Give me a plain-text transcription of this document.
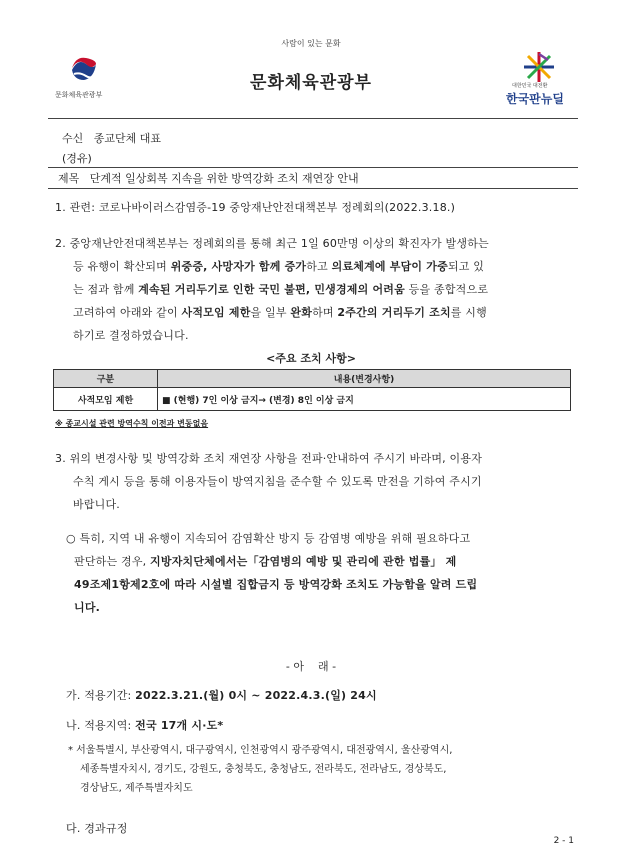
사람이 있는 문화
문화체육관광부
문화체육관광부	대한민국 대전환
한국판뉴딜
수신 종교단체 대표
(경유)
제목 단계적 일상회복 지속을 위한 방역강화 조치 재연장 안내
1. 관련: 코로나바이러스감염증-19 중앙재난안전대책본부 정례회의(2022.3.18.)
2. 중앙재난안전대책본부는 정례회의를 통해 최근 1일 60만명 이상의 확진자가 발생하는
등 유행이 확산되며 위중증, 사망자가 함께 증가하고 의료체계에 부담이 가중되고 있
는 점과 함께 계속된 거리두기로 인한 국민 불편, 민생경제의 어려움 등을 종합적으로
고려하여 아래와 같이 사적모임 제한을 일부 완화하며 2주간의 거리두기 조치를 시행
하기로 결정하였습니다.
<주요 조치 사항>
구분	내용(변경사항)
사적모임 제한	■ (현행) 7인 이상 금지→ (변경) 8인 이상 금지
※ 종교시설 관련 방역수칙 이전과 변동없음
3. 위의 변경사항 및 방역강화 조치 재연장 사항을 전파·안내하여 주시기 바라며, 이용자
수칙 게시 등을 통해 이용자들이 방역지침을 준수할 수 있도록 만전을 기하여 주시기
바랍니다.
○ 특히, 지역 내 유행이 지속되어 감염확산 방지 등 감염병 예방을 위해 필요하다고
판단하는 경우, 지방자치단체에서는「감염병의 예방 및 관리에 관한 법률」 제
49조제1항제2호에 따라 시설별 집합금지 등 방역강화 조치도 가능함을 알려 드립
니다.
- 아    래 -
가. 적용기간: 2022.3.21.(월) 0시 ~ 2022.4.3.(일) 24시
나. 적용지역: 전국 17개 시·도*
* 서울특별시, 부산광역시, 대구광역시, 인천광역시 광주광역시, 대전광역시, 울산광역시,
세종특별자치시, 경기도, 강원도, 충청북도, 충청남도, 전라북도, 전라남도, 경상북도,
경상남도, 제주특별자치도
다. 경과규정
2 - 1
